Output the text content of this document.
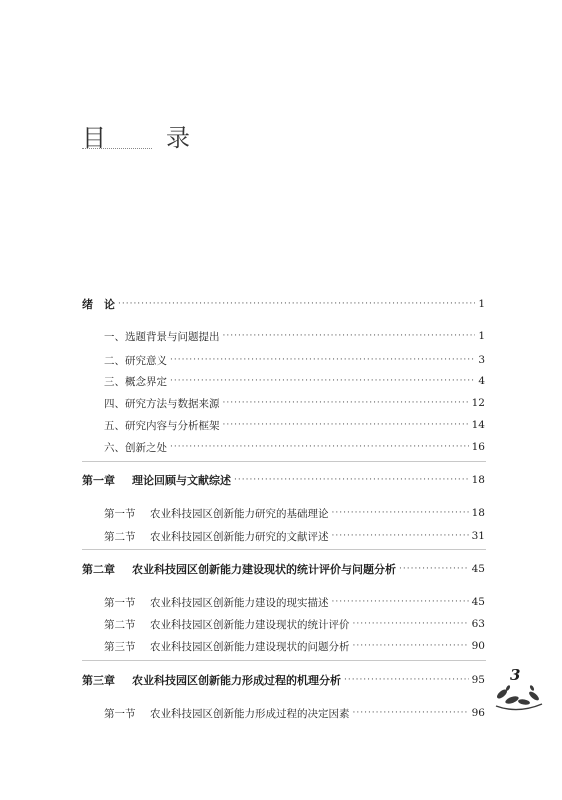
目　录
绪　论 ·····	1
一、选题背景与问题提出 ·····	1
二、研究意义 ·····	3
三、概念界定 ·····	4
四、研究方法与数据来源 ·····	12
五、研究内容与分析框架 ·····	14
六、创新之处 ·····	16
第一章 理论回顾与文献综述 ·····	18
第一节 农业科技园区创新能力研究的基础理论 ·····	18
第二节 农业科技园区创新能力研究的文献评述 ·····	31
第二章 农业科技园区创新能力建设现状的统计评价与问题分析 ·····	45
第一节 农业科技园区创新能力建设的现实描述 ·····	45
第二节 农业科技园区创新能力建设现状的统计评价 ·····	63
第三节 农业科技园区创新能力建设现状的问题分析 ·····	90
第三章 农业科技园区创新能力形成过程的机理分析 ·····	95
第一节 农业科技园区创新能力形成过程的决定因素 ·····	96
3
